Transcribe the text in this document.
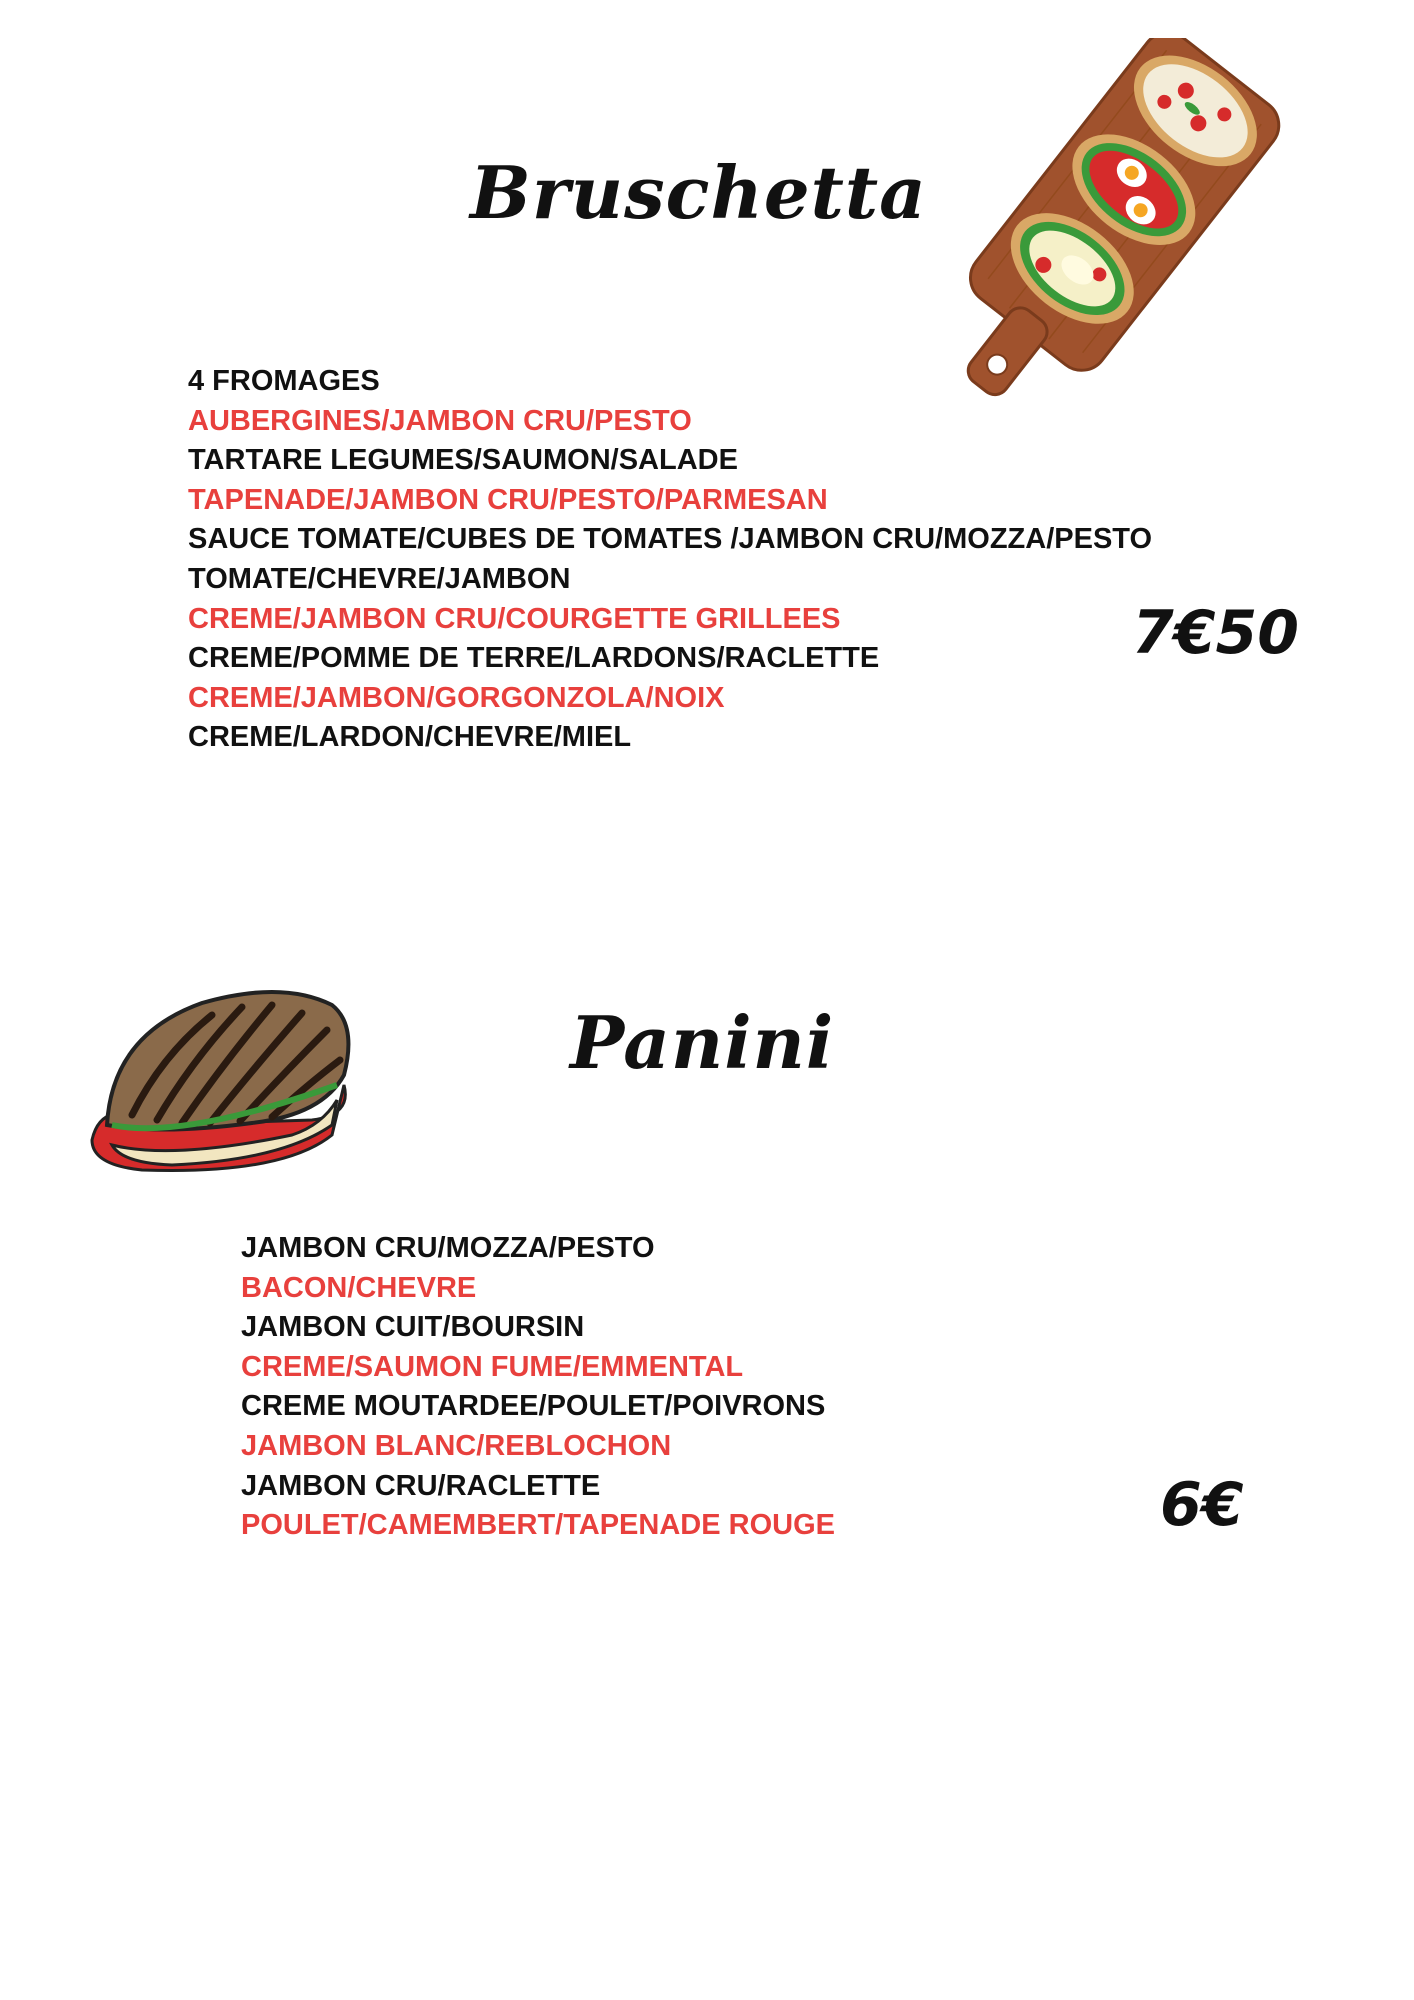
Bruschetta
4 FROMAGES
AUBERGINES/JAMBON CRU/PESTO
TARTARE LEGUMES/SAUMON/SALADE
TAPENADE/JAMBON CRU/PESTO/PARMESAN
SAUCE TOMATE/CUBES DE TOMATES /JAMBON CRU/MOZZA/PESTO
TOMATE/CHEVRE/JAMBON
CREME/JAMBON CRU/COURGETTE GRILLEES
CREME/POMME DE TERRE/LARDONS/RACLETTE
CREME/JAMBON/GORGONZOLA/NOIX
CREME/LARDON/CHEVRE/MIEL
7€50
Panini
JAMBON CRU/MOZZA/PESTO
BACON/CHEVRE
JAMBON CUIT/BOURSIN
CREME/SAUMON FUME/EMMENTAL
CREME MOUTARDEE/POULET/POIVRONS
JAMBON BLANC/REBLOCHON
JAMBON CRU/RACLETTE
POULET/CAMEMBERT/TAPENADE ROUGE	6€
